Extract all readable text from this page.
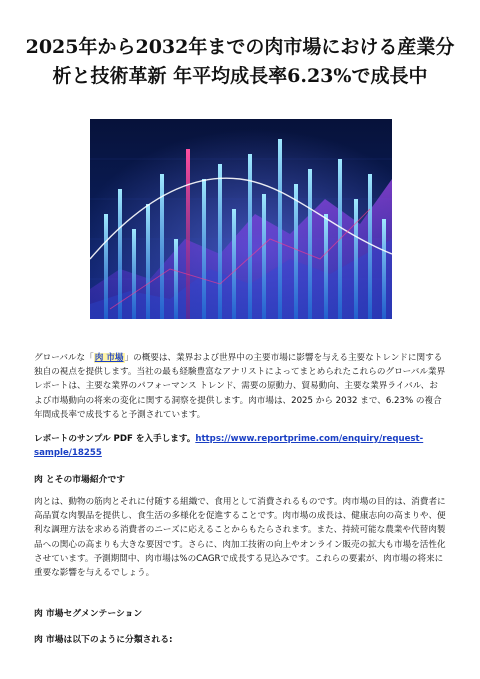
2025年から2032年までの肉市場における産業分
析と技術革新 年平均成長率6.23%で成長中

グローバルな「肉 市場」の概要は、業界および世界中の主要市場に影響を与える主要なトレンドに関する独自の視点を提供します。当社の最も経験豊富なアナリストによってまとめられたこれらのグローバル業界レポートは、主要な業界のパフォーマンス トレンド、需要の原動力、貿易動向、主要な業界ライバル、および市場動向の将来の変化に関する洞察を提供します。肉市場は、2025 から 2032 まで、6.23% の複合年間成長率で成長すると予測されています。

レポートのサンプル PDF を入手します。https://www.reportprime.com/enquiry/request-sample/18255

肉 とその市場紹介です

肉とは、動物の筋肉とそれに付随する組織で、食用として消費されるものです。肉市場の目的は、消費者に高品質な肉製品を提供し、食生活の多様化を促進することです。肉市場の成長は、健康志向の高まりや、便利な調理方法を求める消費者のニーズに応えることからもたらされます。また、持続可能な農業や代替肉製品への関心の高まりも大きな要因です。さらに、肉加工技術の向上やオンライン販売の拡大も市場を活性化させています。予測期間中、肉市場は%のCAGRで成長する見込みです。これらの要素が、肉市場の将来に重要な影響を与えるでしょう。

肉 市場セグメンテーション

肉 市場は以下のように分類される:
